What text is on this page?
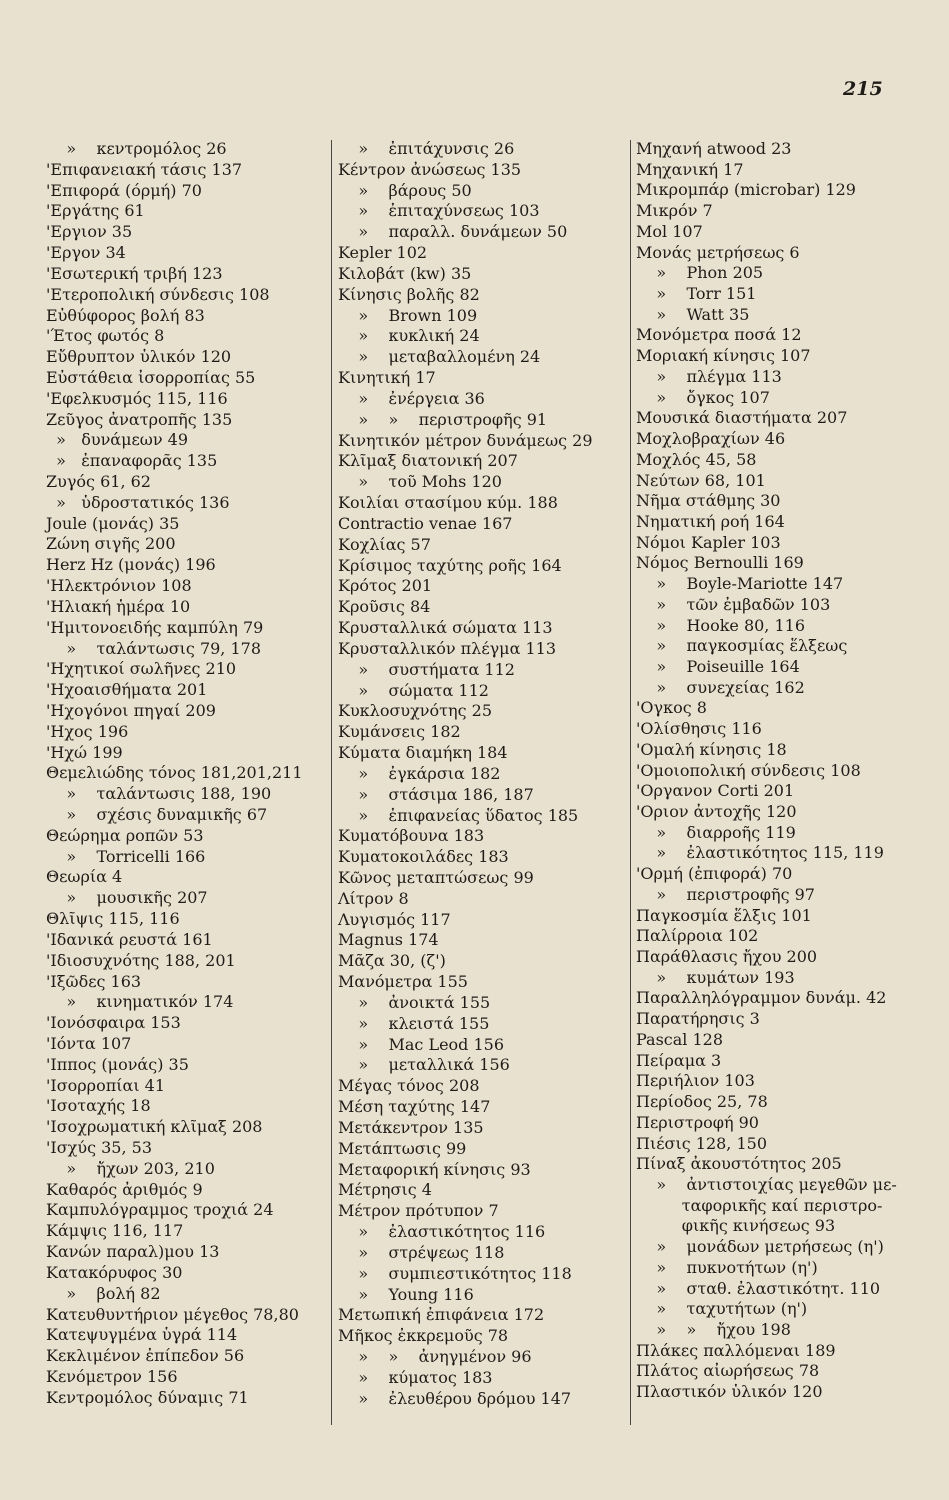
215
»    κεντρομόλος 26
'Επιφανειακή τάσις 137
'Επιφορά (όρμή) 70
'Εργάτης 61
'Εργιον 35
'Εργον 34
'Εσωτερική τριβή 123
'Ετεροπολική σύνδεσις 108
Εὐθύφορος βολή 83
'Έτος φωτός 8
Εὔθρυπτον ὑλικόν 120
Εὐστάθεια ἰσορροπίας 55
'Εφελκυσμός 115, 116
Ζεῦγος ἀνατροπῆς 135
»   δυνάμεων 49
»   ἐπαναφορᾶς 135
Ζυγός 61, 62
»   ὑδροστατικός 136
Joule (μονάς) 35
Ζώνη σιγῆς 200
Herz Hz (μονάς) 196
'Ηλεκτρόνιον 108
'Ηλιακή ἡμέρα 10
'Ημιτονοειδής καμπύλη 79
»    ταλάντωσις 79, 178
'Ηχητικοί σωλῆνες 210
'Ηχοαισθήματα 201
'Ηχογόνοι πηγαί 209
'Ηχος 196
'Ηχώ 199
Θεμελιώδης τόνος 181,201,211
»    ταλάντωσις 188, 190
»    σχέσις δυναμικῆς 67
Θεώρημα ροπῶν 53
»    Torricelli 166
Θεωρία 4
»    μουσικῆς 207
Θλῖψις 115, 116
'Ιδανικά ρευστά 161
'Ιδιοσυχνότης 188, 201
'Ιξῶδες 163
»    κινηματικόν 174
'Ιονόσφαιρα 153
'Ιόντα 107
'Ιππος (μονάς) 35
'Ισορροπίαι 41
'Ισοταχής 18
'Ισοχρωματική κλῖμαξ 208
'Ισχύς 35, 53
»    ἤχων 203, 210
Καθαρός ἀριθμός 9
Καμπυλόγραμμος τροχιά 24
Κάμψις 116, 117
Κανών παραλ)μου 13
Κατακόρυφος 30
»    βολή 82
Κατευθυντήριον μέγεθος 78,80
Κατεψυγμένα ὑγρά 114
Κεκλιμένον ἐπίπεδον 56
Κενόμετρον 156
Κεντρομόλος δύναμις 71
»    ἐπιτάχυνσις 26
Κέντρον ἀνώσεως 135
»    βάρους 50
»    ἐπιταχύνσεως 103
»    παραλλ. δυνάμεων 50
Kepler 102
Κιλοβάτ (kw) 35
Κίνησις βολῆς 82
»    Brown 109
»    κυκλική 24
»    μεταβαλλομένη 24
Κινητική 17
»    ἐνέργεια 36
»    »    περιστροφῆς 91
Κινητικόν μέτρον δυνάμεως 29
Κλῖμαξ διατονική 207
»    τοῦ Mohs 120
Κοιλίαι στασίμου κύμ. 188
Contractio venae 167
Κοχλίας 57
Κρίσιμος ταχύτης ροῆς 164
Κρότος 201
Κροῦσις 84
Κρυσταλλικά σώματα 113
Κρυσταλλικόν πλέγμα 113
»    συστήματα 112
»    σώματα 112
Κυκλοσυχνότης 25
Κυμάνσεις 182
Κύματα διαμήκη 184
»    ἐγκάρσια 182
»    στάσιμα 186, 187
»    ἐπιφανείας ὕδατος 185
Κυματόβουνα 183
Κυματοκοιλάδες 183
Κῶνος μεταπτώσεως 99
Λίτρον 8
Λυγισμός 117
Magnus 174
Μᾶζα 30, (ζ')
Μανόμετρα 155
»    ἀνοικτά 155
»    κλειστά 155
»    Mac Leod 156
»    μεταλλικά 156
Μέγας τόνος 208
Μέση ταχύτης 147
Μετάκεντρον 135
Μετάπτωσις 99
Μεταφορική κίνησις 93
Μέτρησις 4
Μέτρον πρότυπον 7
»    ἐλαστικότητος 116
»    στρέψεως 118
»    συμπιεστικότητος 118
»    Young 116
Μετωπική ἐπιφάνεια 172
Μῆκος ἐκκρεμοῦς 78
»    »    ἀνηγμένον 96
»    κύματος 183
»    ἐλευθέρου δρόμου 147
Μηχανή atwood 23
Μηχανική 17
Μικρομπάρ (microbar) 129
Μικρόν 7
Mol 107
Μονάς μετρήσεως 6
»    Phon 205
»    Torr 151
»    Watt 35
Μονόμετρα ποσά 12
Μοριακή κίνησις 107
»    πλέγμα 113
»    ὄγκος 107
Μουσικά διαστήματα 207
Μοχλοβραχίων 46
Μοχλός 45, 58
Νεύτων 68, 101
Νῆμα στάθμης 30
Νηματική ροή 164
Νόμοι Kapler 103
Νόμος Bernoulli 169
»    Boyle-Mariotte 147
»    τῶν ἐμβαδῶν 103
»    Hooke 80, 116
»    παγκοσμίας ἕλξεως
»    Poiseuille 164
»    συνεχείας 162
'Ογκος 8
'Ολίσθησις 116
'Ομαλή κίνησις 18
'Ομοιοπολική σύνδεσις 108
'Οργανον Corti 201
'Οριον ἀντοχῆς 120
»    διαρροῆς 119
»    ἐλαστικότητος 115, 119
'Ορμή (ἐπιφορά) 70
»    περιστροφῆς 97
Παγκοσμία ἕλξις 101
Παλίρροια 102
Παράθλασις ἤχου 200
»    κυμάτων 193
Παραλληλόγραμμον δυνάμ. 42
Παρατήρησις 3
Pascal 128
Πείραμα 3
Περιήλιον 103
Περίοδος 25, 78
Περιστροφή 90
Πιέσις 128, 150
Πίναξ ἀκουστότητος 205
»    ἀντιστοιχίας μεγεθῶν με-
ταφορικῆς καί περιστρο-
φικῆς κινήσεως 93
»    μονάδων μετρήσεως (η')
»    πυκνοτήτων (η')
»    σταθ. ἐλαστικότητ. 110
»    ταχυτήτων (η')
»    »    ἤχου 198
Πλάκες παλλόμεναι 189
Πλάτος αἰωρήσεως 78
Πλαστικόν ὑλικόν 120
